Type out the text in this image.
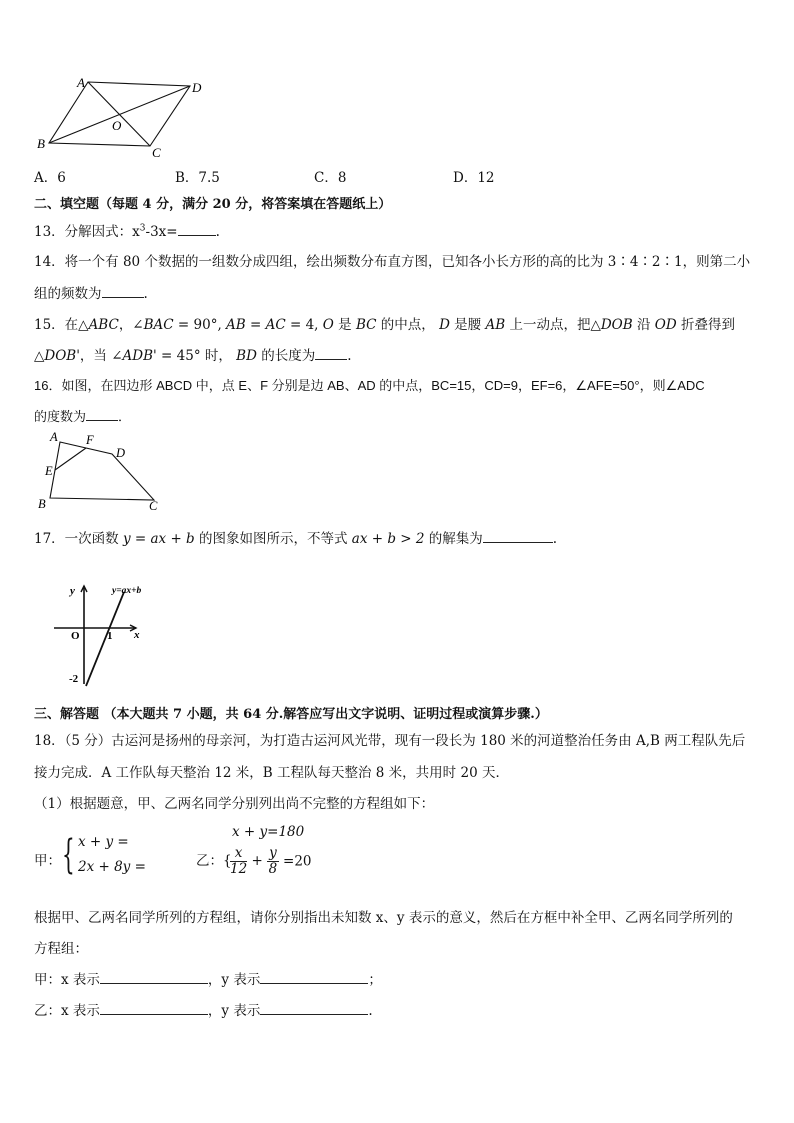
A	D
B
C
O
A．6	B．7.5	C．8	D．12
二、填空题（每题 4 分，满分 20 分，将答案填在答题纸上）
13．分解因式：$x^3-3x=$	.
14．将一个有 80 个数据的一组数分成四组，绘出频数分布直方图，已知各小长方形的高的比为 3∶4∶2∶1，则第二小
组的频数为	.
15．在△ABC，∠BAC = 90°, AB = AC = 4, O 是 BC 的中点， D 是腰 AB 上一动点，把△DOB 沿 OD 折叠得到
△DOB'，当 ∠ADB' = 45° 时， BD 的长度为 .
16．如图，在四边形 ABCD 中，点 E、F 分别是边 AB、AD 的中点，BC=15，CD=9，EF=6，∠AFE=50°，则∠ADC
的度数为 ．
A F
D
E
B	C
17．一次函数 y = ax + b 的图象如图所示，不等式 ax + b > 2 的解集为	.
y
x
O 1
-2
y=ax+b
三、解答题 （本大题共 7 小题，共 64 分.解答应写出文字说明、证明过程或演算步骤.）
18．（5 分）古运河是扬州的母亲河，为打造古运河风光带，现有一段长为 180 米的河道整治任务由 A,B 两工程队先后
接力完成．A 工作队每天整治 12 米，B 工程队每天整治 8 米，共用时 20 天．
（1）根据题意，甲、乙两名同学分别列出尚不完整的方程组如下：
甲： { x + y =
2x + 8y =	乙：{
x + y=180
$\frac{x}{12} + \frac{y}{8} =20$
根据甲、乙两名同学所列的方程组，请你分别指出未知数 x、y 表示的意义，然后在方框中补全甲、乙两名同学所列的
方程组：
甲：x 表示	，y 表示	；
乙：x 表示	，y 表示	.
